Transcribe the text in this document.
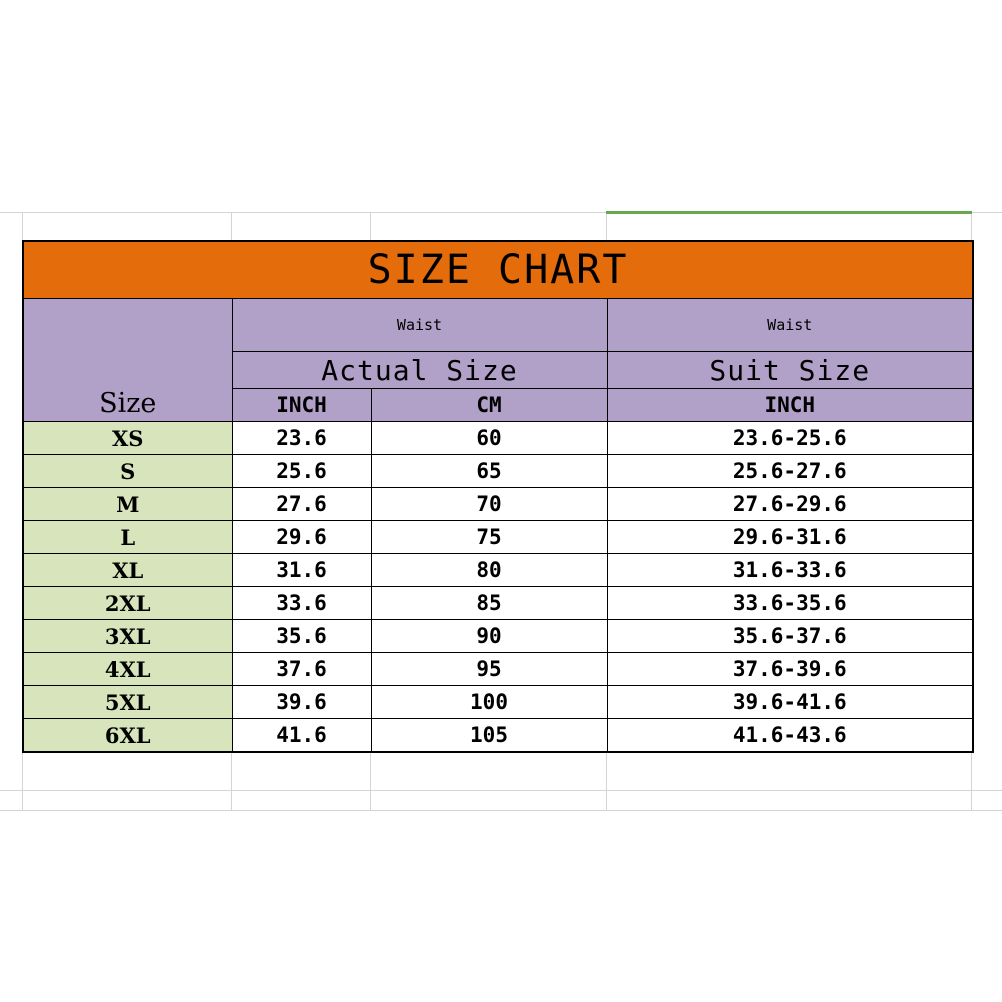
SIZE CHART			
Size	Waist		Waist
	Actual Size		Suit Size
	INCH	CM	INCH
XS	23.6	60	23.6-25.6
S	25.6	65	25.6-27.6
M	27.6	70	27.6-29.6
L	29.6	75	29.6-31.6
XL	31.6	80	31.6-33.6
2XL	33.6	85	33.6-35.6
3XL	35.6	90	35.6-37.6
4XL	37.6	95	37.6-39.6
5XL	39.6	100	39.6-41.6
6XL	41.6	105	41.6-43.6
